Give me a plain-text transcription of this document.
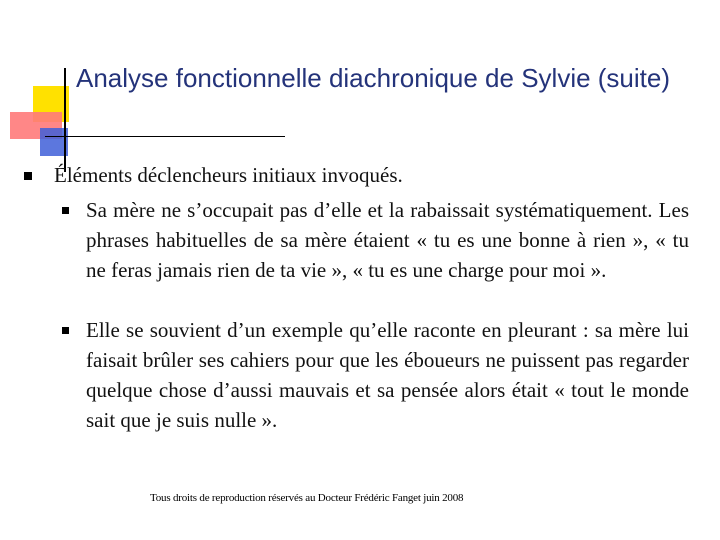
Analyse fonctionnelle diachronique de Sylvie (suite)
Éléments déclencheurs initiaux invoqués.

Sa mère ne s’occupait pas d’elle et la rabaissait systématiquement. Les phrases habituelles de sa mère étaient « tu es une bonne à rien », « tu ne feras jamais rien de ta vie », « tu es une charge pour moi ».

Elle se souvient d’un exemple qu’elle raconte en pleurant : sa mère lui faisait brûler ses cahiers pour que les éboueurs ne puissent pas regarder quelque chose d’aussi mauvais et sa pensée alors était « tout le monde sait que je suis nulle ».

Tous droits de reproduction réservés au Docteur Frédéric Fanget juin 2008
